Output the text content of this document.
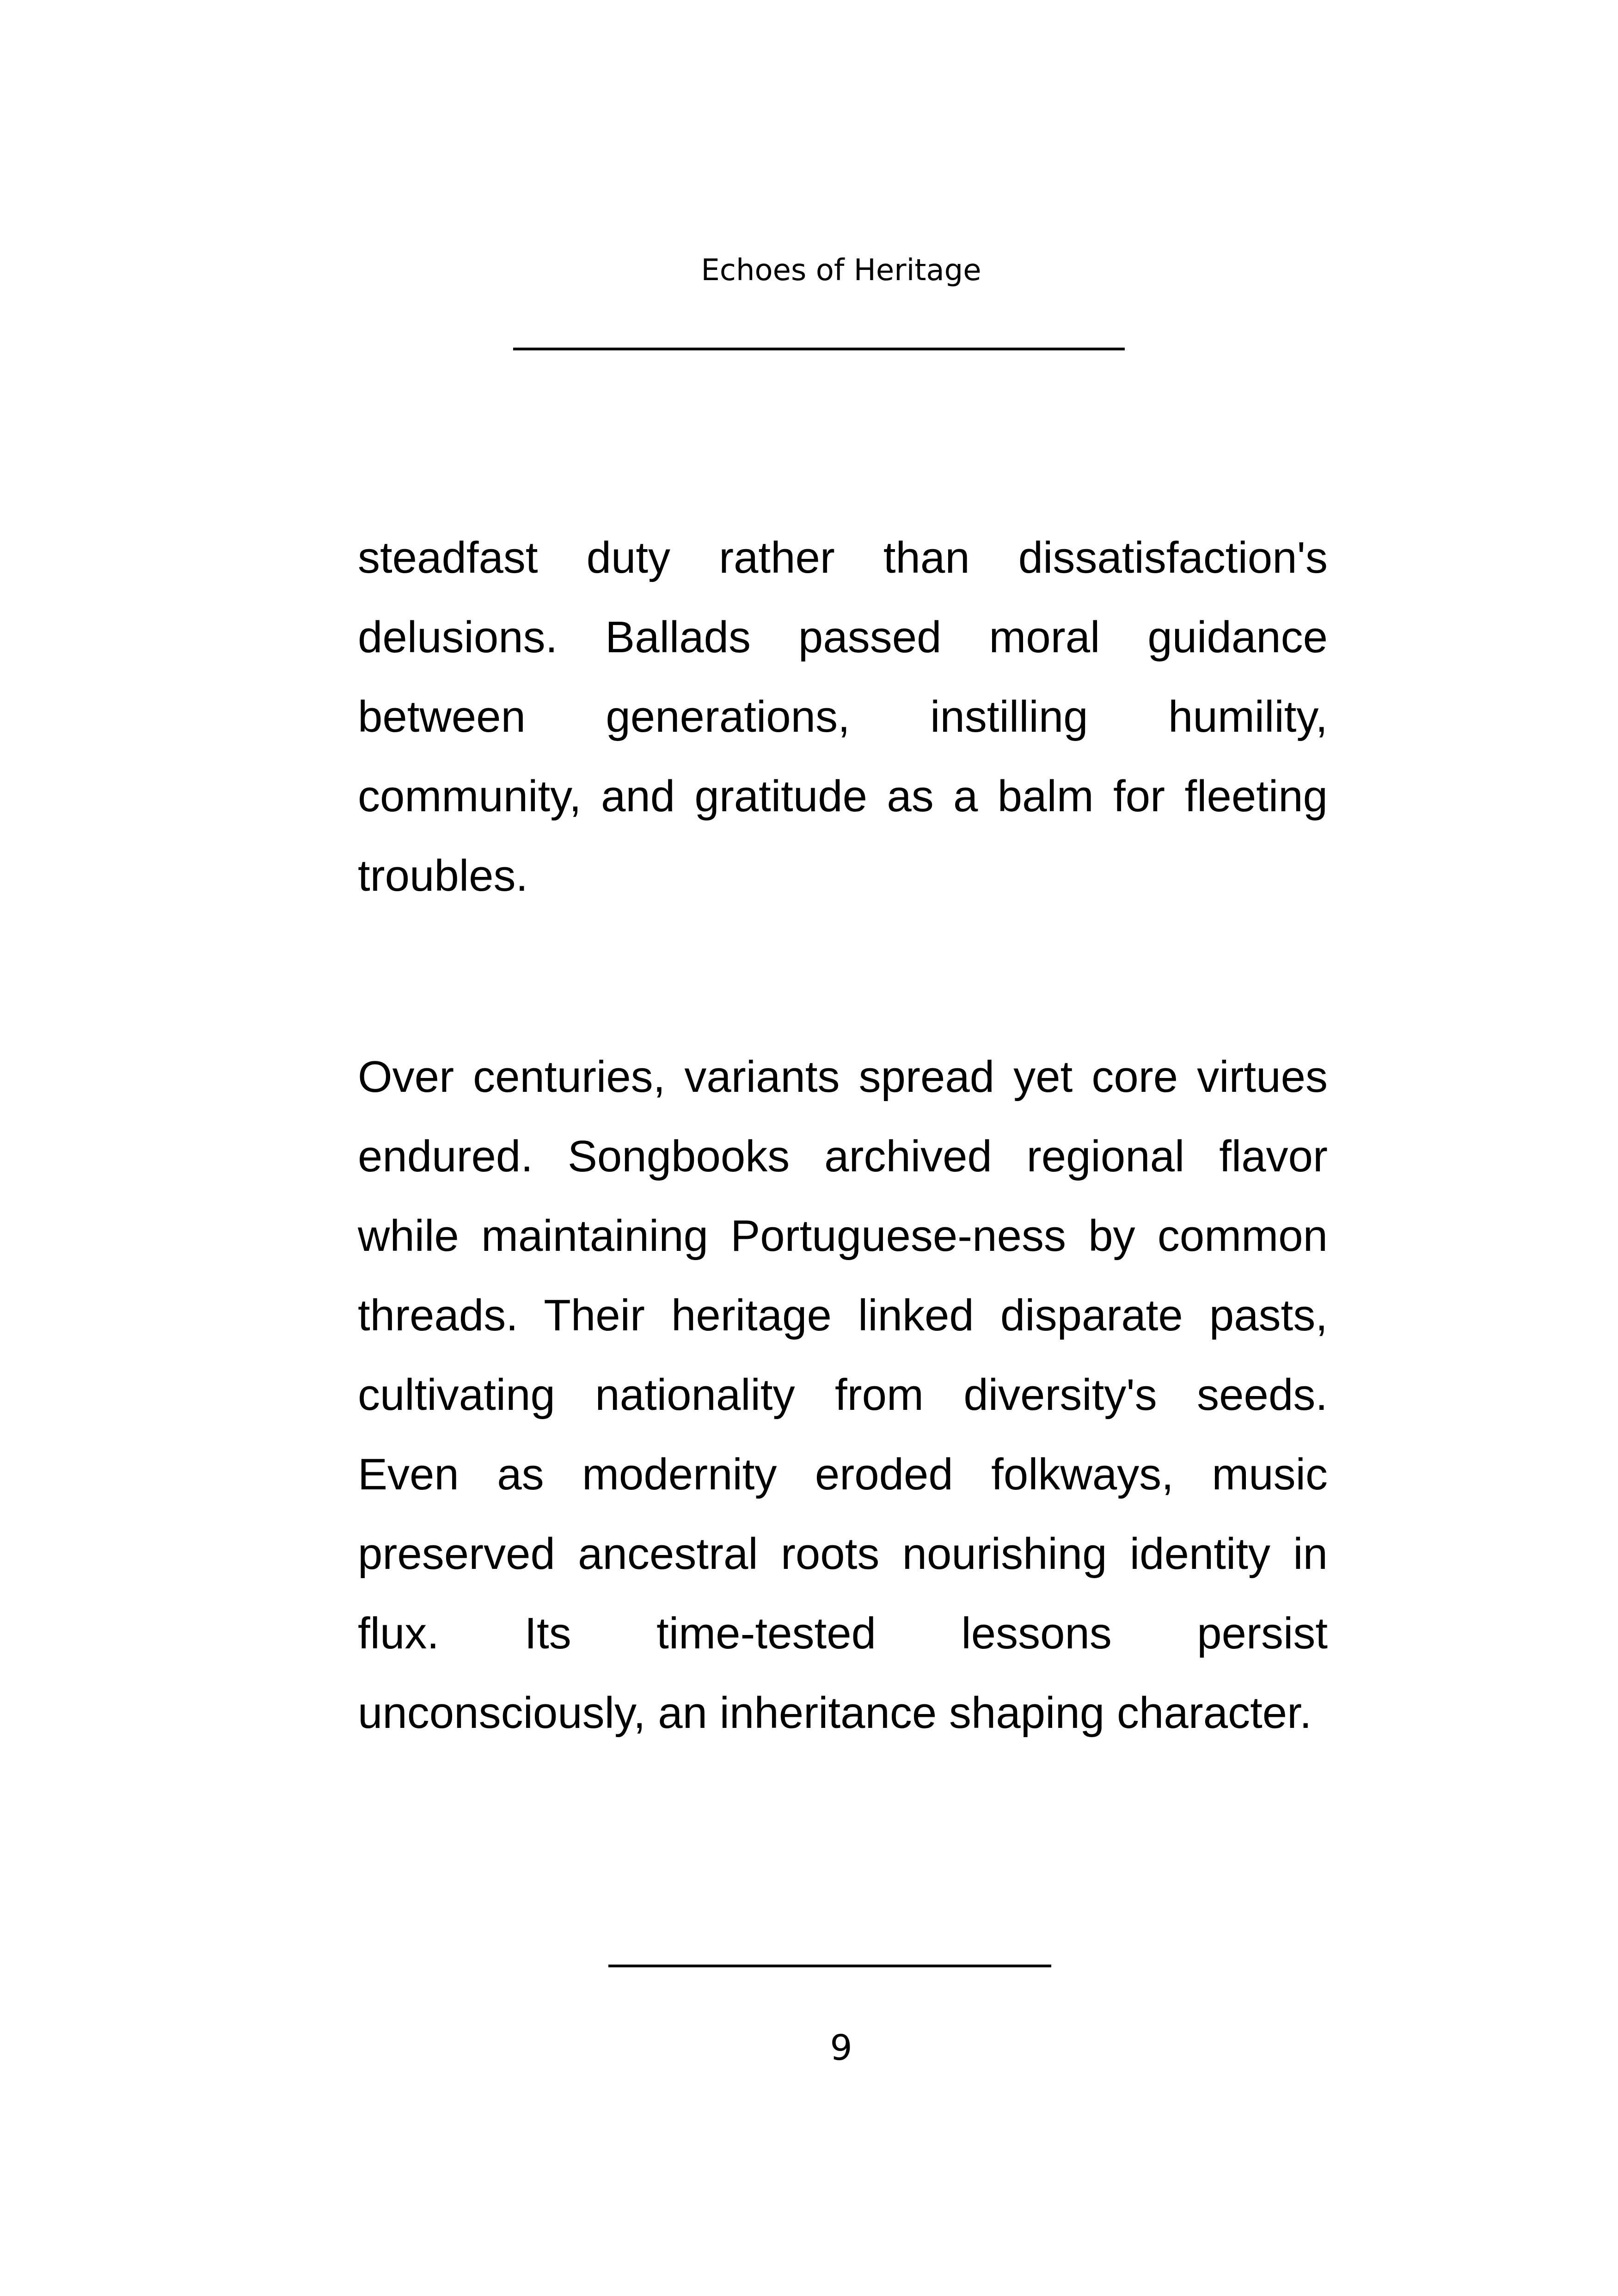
Echoes of Heritage

steadfast duty rather than dissatisfaction's delusions. Ballads passed moral guidance between generations, instilling humility, community, and gratitude as a balm for fleeting troubles.

Over centuries, variants spread yet core virtues endured. Songbooks archived regional flavor while maintaining Portuguese-ness by common threads. Their heritage linked disparate pasts, cultivating nationality from diversity's seeds. Even as modernity eroded folkways, music preserved ancestral roots nourishing identity in flux. Its time-tested lessons persist unconsciously, an inheritance shaping character.

9
